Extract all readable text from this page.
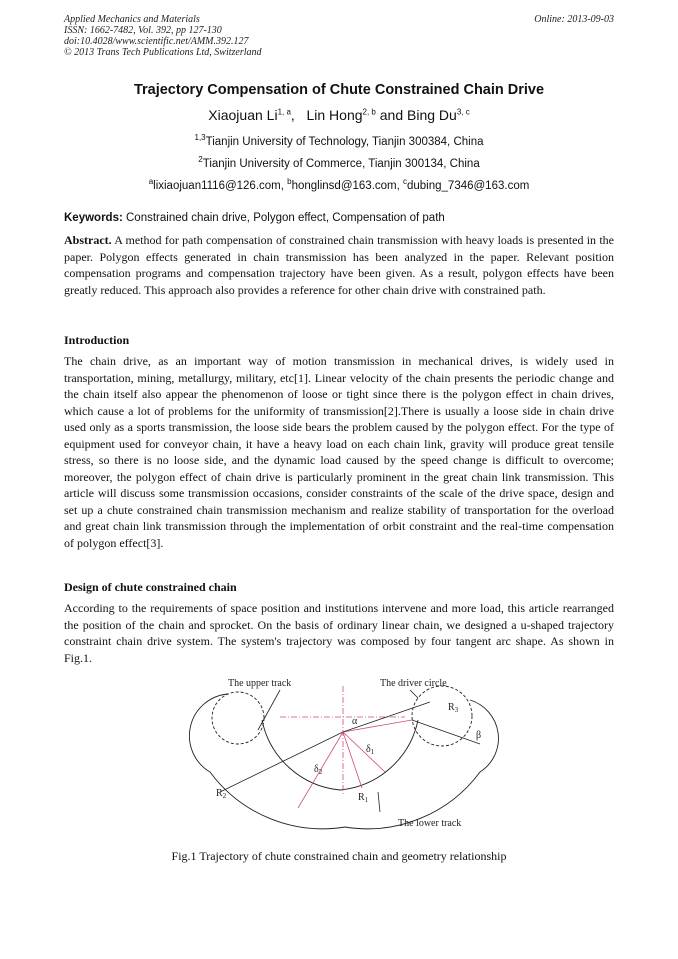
Applied Mechanics and Materials
ISSN: 1662-7482, Vol. 392, pp 127-130
doi:10.4028/www.scientific.net/AMM.392.127
© 2013 Trans Tech Publications Ltd, Switzerland
Online: 2013-09-03
Trajectory Compensation of Chute Constrained Chain Drive
Xiaojuan Li$^{1, a}$,   Lin Hong$^{2, b}$ and Bing Du$^{3, c}$
$^{1,3}$Tianjin University of Technology, Tianjin 300384, China
$^2$Tianjin University of Commerce, Tianjin 300134, China
$^a$lixiaojuan1116@126.com, $^b$honglinsd@163.com, $^c$dubing_7346@163.com
Keywords: Constrained chain drive, Polygon effect, Compensation of path
Abstract. A method for path compensation of constrained chain transmission with heavy loads is presented in the paper. Polygon effects generated in chain transmission has been analyzed in the paper. Relevant position compensation programs and compensation trajectory have been given. As a result, polygon effects have been greatly reduced. This approach also provides a reference for other chain drive with constrained path.
Introduction
The chain drive, as an important way of motion transmission in mechanical drives, is widely used in transportation, mining, metallurgy, military, etc[1]. Linear velocity of the chain presents the periodic change and the chain itself also appear the phenomenon of loose or tight since there is the polygon effect in chain drives, which cause a lot of problems for the uniformity of transmission[2].There is usually a loose side in chain drive used only as a sports transmission, the loose side bears the problem caused by the polygon effect. For the type of equipment used for conveyor chain, it have a heavy load on each chain link, gravity will produce great tensile stress, so there is no loose side, and the dynamic load caused by the speed change is difficult to overcome; moreover, the polygon effect of chain drive is particularly prominent in the great chain link transmission. This article will discuss some transmission occasions, consider constraints of the scale of the drive space, design and set up a chute constrained chain transmission mechanism and realize stability of transportation for the overload and great chain link transmission through the implementation of orbit constraint and the real-time compensation of polygon effect[3].
Design of chute constrained chain
According to the requirements of space position and institutions intervene and more load, this article rearranged the position of the chain and sprocket. On the basis of ordinary linear chain, we designed a u-shaped trajectory constraint chain drive system. The system's trajectory was composed by four tangent arc shape. As shown in Fig.1.
The upper track	The driver circle
The lower track
$R_2$	$R_1$
$R_3$
α
β
$\delta_1$
$\delta_2$
Fig.1 Trajectory of chute constrained chain and geometry relationship
